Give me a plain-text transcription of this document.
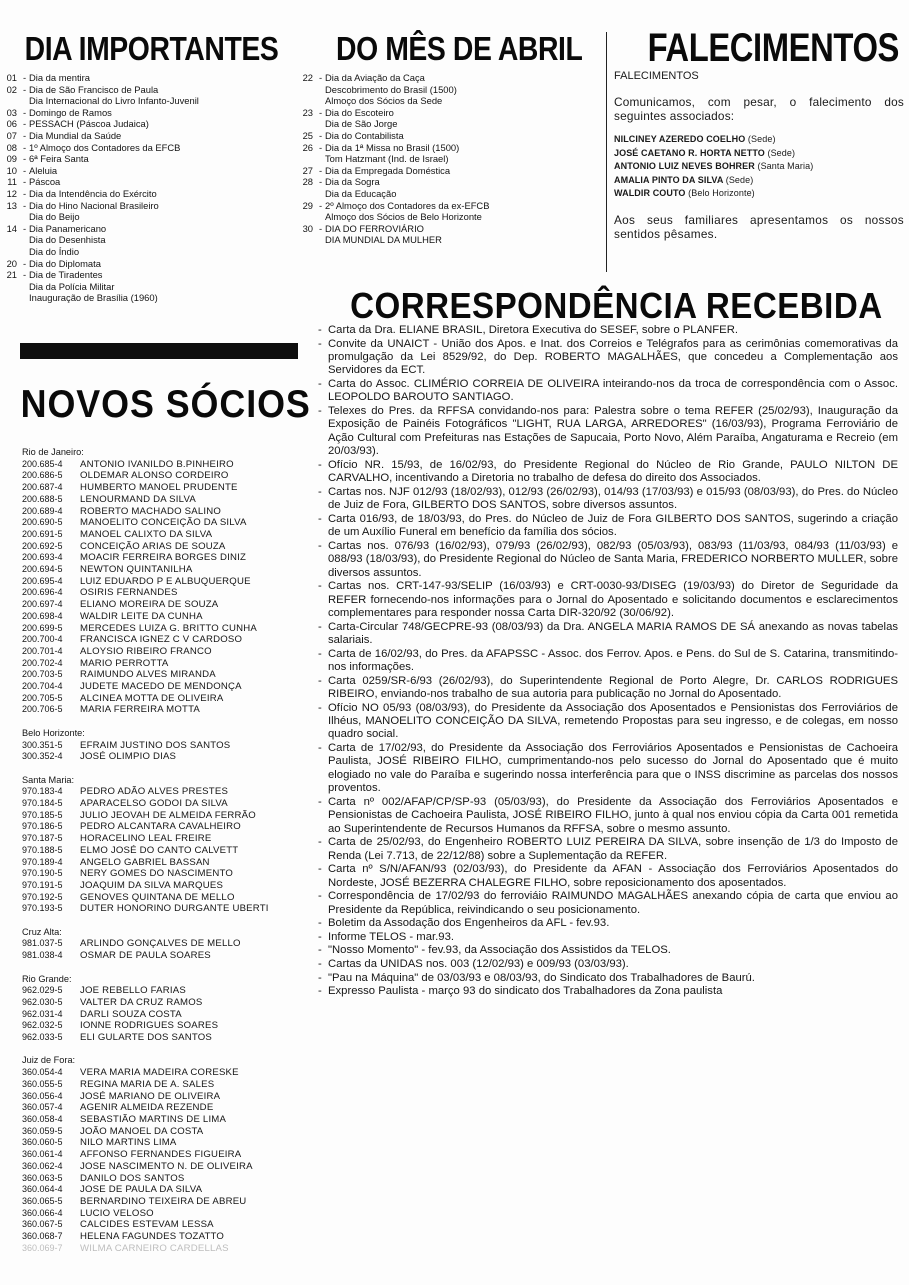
DIA IMPORTANTES DO MÊS DE ABRIL FALECIMENTOS
CORRESPONDÊNCIA RECEBIDA
NOVOS SÓCIOS
01 - Dia da mentira
02 - Dia de São Francisco de Paula
Dia Internacional do Livro Infanto-Juvenil
03 - Domingo de Ramos
06 - PESSACH (Páscoa Judaica)
07 - Dia Mundial da Saúde
08 - 1º Almoço dos Contadores da EFCB
09 - 6ª Feira Santa
10 - Aleluia
11 - Páscoa
12 - Dia da Intendência do Exército
13 - Dia do Hino Nacional Brasileiro
Dia do Beijo
14 - Dia Panamericano
Dia do Desenhista
Dia do Índio
20 - Dia do Diplomata
21 - Dia de Tiradentes
Dia da Polícia Militar
Inauguração de Brasília (1960)
22 - Dia da Aviação da Caça
Descobrimento do Brasil (1500)
Almoço dos Sócios da Sede
23 - Dia do Escoteiro
Dia de São Jorge
25 - Dia do Contabilista
26 - Dia da 1ª Missa no Brasil (1500)
Tom Hatzmant (Ind. de Israel)
27 - Dia da Empregada Doméstica
28 - Dia da Sogra
Dia da Educação
29 - 2º Almoço dos Contadores da ex-EFCB
Almoço dos Sócios de Belo Horizonte
30 - DIA DO FERROVIÁRIO
DIA MUNDIAL DA MULHER
FALECIMENTOS
Comunicamos, com pesar, o falecimento dos seguintes associados:
NILCINEY AZEREDO COELHO (Sede)
JOSÉ CAETANO R. HORTA NETTO (Sede)
ANTONIO LUIZ NEVES BOHRER (Santa Maria)
AMALIA PINTO DA SILVA (Sede)
WALDIR COUTO (Belo Horizonte)
Aos seus familiares apresentamos os nossos sentidos pêsames.
Rio de Janeiro:
200.685-4	ANTONIO IVANILDO B.PINHEIRO
200.686-5	OLDEMAR ALONSO CORDEIRO
200.687-4	HUMBERTO MANOEL PRUDENTE
200.688-5	LENOURMAND DA SILVA
200.689-4	ROBERTO MACHADO SALINO
200.690-5	MANOELITO CONCEIÇÃO DA SILVA
200.691-5	MANOEL CALIXTO DA SILVA
200.692-5	CONCEIÇÃO ARIAS DE SOUZA
200.693-4	MOACIR FERREIRA BORGES DINIZ
200.694-5	NEWTON QUINTANILHA
200.695-4	LUIZ EDUARDO P E ALBUQUERQUE
200.696-4	OSIRIS FERNANDES
200.697-4	ELIANO MOREIRA DE SOUZA
200.698-4	WALDIR LEITE DA CUNHA
200.699-5	MERCEDES LUIZA G. BRITTO CUNHA
200.700-4	FRANCISCA IGNEZ C V CARDOSO
200.701-4	ALOYSIO RIBEIRO FRANCO
200.702-4	MARIO PERROTTA
200.703-5	RAIMUNDO ALVES MIRANDA
200.704-4	JUDETE MACEDO DE MENDONÇA
200.705-5	ALCINEA MOTTA DE OLIVEIRA
200.706-5	MARIA FERREIRA MOTTA
Belo Horizonte:
300.351-5	EFRAIM JUSTINO DOS SANTOS
300.352-4	JOSÉ OLIMPIO DIAS
Santa Maria:
970.183-4	PEDRO ADÃO ALVES PRESTES
970.184-5	APARACELSO GODOI DA SILVA
970.185-5	JULIO JEOVAH DE ALMEIDA FERRÃO
970.186-5	PEDRO ALCANTARA CAVALHEIRO
970.187-5	HORACELINO LEAL FREIRE
970.188-5	ELMO JOSÉ DO CANTO CALVETT
970.189-4	ANGELO GABRIEL BASSAN
970.190-5	NERY GOMES DO NASCIMENTO
970.191-5	JOAQUIM DA SILVA MARQUES
970.192-5	GENOVES QUINTANA DE MELLO
970.193-5	DUTER HONORINO DURGANTE UBERTI
Cruz Alta:
981.037-5	ARLINDO GONÇALVES DE MELLO
981.038-4	OSMAR DE PAULA SOARES
Rio Grande:
962.029-5	JOE REBELLO FARIAS
962.030-5	VALTER DA CRUZ RAMOS
962.031-4	DARLI SOUZA COSTA
962.032-5	IONNE RODRIGUES SOARES
962.033-5	ELI GULARTE DOS SANTOS
Juiz de Fora:
360.054-4	VERA MARIA MADEIRA CORESKE
360.055-5	REGINA MARIA DE A. SALES
360.056-4	JOSÉ MARIANO DE OLIVEIRA
360.057-4	AGENIR ALMEIDA REZENDE
360.058-4	SEBASTIÃO MARTINS DE LIMA
360.059-5	JOÃO MANOEL DA COSTA
360.060-5	NILO MARTINS LIMA
360.061-4	AFFONSO FERNANDES FIGUEIRA
360.062-4	JOSE NASCIMENTO N. DE OLIVEIRA
360.063-5	DANILO DOS SANTOS
360.064-4	JOSE DE PAULA DA SILVA
360.065-5	BERNARDINO TEIXEIRA DE ABREU
360.066-4	LUCIO VELOSO
360.067-5	CALCIDES ESTEVAM LESSA
360.068-7	HELENA FAGUNDES TOZATTO
360.069-7	WILMA CARNEIRO CARDELLAS
- Carta da Dra. ELIANE BRASIL, Diretora Executiva do SESEF, sobre o PLANFER.
- Convite da UNAICT - União dos Apos. e Inat. dos Correios e Telégrafos para as cerimônias comemorativas da promulgação da Lei 8529/92, do Dep. ROBERTO MAGALHÃES, que concedeu a Complementação aos Servidores da ECT.
- Carta do Assoc. CLIMÉRIO CORREIA DE OLIVEIRA inteirando-nos da troca de correspondência com o Assoc. LEOPOLDO BAROUTO SANTIAGO.
- Telexes do Pres. da RFFSA convidando-nos para: Palestra sobre o tema REFER (25/02/93), Inauguração da Exposição de Painéis Fotográficos "LIGHT, RUA LARGA, ARREDORES" (16/03/93), Programa Ferroviário de Ação Cultural com Prefeituras nas Estações de Sapucaia, Porto Novo, Além Paraíba, Angaturama e Recreio (em 20/03/93).
- Ofício NR. 15/93, de 16/02/93, do Presidente Regional do Núcleo de Rio Grande, PAULO NILTON DE CARVALHO, incentivando a Diretoria no trabalho de defesa do direito dos Associados.
- Cartas nos. NJF 012/93 (18/02/93), 012/93 (26/02/93), 014/93 (17/03/93) e 015/93 (08/03/93), do Pres. do Núcleo de Juiz de Fora, GILBERTO DOS SANTOS, sobre diversos assuntos.
- Carta 016/93, de 18/03/93, do Pres. do Núcleo de Juiz de Fora GILBERTO DOS SANTOS, sugerindo a criação de um Auxílio Funeral em benefício da família dos sócios.
- Cartas nos. 076/93 (16/02/93), 079/93 (26/02/93), 082/93 (05/03/93), 083/93 (11/03/93, 084/93 (11/03/93) e 088/93 (18/03/93), do Presidente Regional do Núcleo de Santa Maria, FREDERICO NORBERTO MULLER, sobre diversos assuntos.
- Cartas nos. CRT-147-93/SELIP (16/03/93) e CRT-0030-93/DISEG (19/03/93) do Diretor de Seguridade da REFER fornecendo-nos informações para o Jornal do Aposentado e solicitando documentos e esclarecimentos complementares para responder nossa Carta DIR-320/92 (30/06/92).
- Carta-Circular 748/GECPRE-93 (08/03/93) da Dra. ANGELA MARIA RAMOS DE SÁ anexando as novas tabelas salariais.
- Carta de 16/02/93, do Pres. da AFAPSSC - Assoc. dos Ferrov. Apos. e Pens. do Sul de S. Catarina, transmitindo-nos informações.
- Carta 0259/SR-6/93 (26/02/93), do Superintendente Regional de Porto Alegre, Dr. CARLOS RODRIGUES RIBEIRO, enviando-nos trabalho de sua autoria para publicação no Jornal do Aposentado.
- Ofício NO 05/93 (08/03/93), do Presidente da Associação dos Aposentados e Pensionistas dos Ferroviários de Ilhéus, MANOELITO CONCEIÇÃO DA SILVA, remetendo Propostas para seu ingresso, e de colegas, em nosso quadro social.
- Carta de 17/02/93, do Presidente da Associação dos Ferroviários Aposentados e Pensionistas de Cachoeira Paulista, JOSÉ RIBEIRO FILHO, cumprimentando-nos pelo sucesso do Jornal do Aposentado que é muito elogiado no vale do Paraíba e sugerindo nossa interferência para que o INSS discrimine as parcelas dos nossos proventos.
- Carta nº 002/AFAP/CP/SP-93 (05/03/93), do Presidente da Associação dos Ferroviários Aposentados e Pensionistas de Cachoeira Paulista, JOSÉ RIBEIRO FILHO, junto à qual nos enviou cópia da Carta 001 remetida ao Superintendente de Recursos Humanos da RFFSA, sobre o mesmo assunto.
- Carta de 25/02/93, do Engenheiro ROBERTO LUIZ PEREIRA DA SILVA, sobre insenção de 1/3 do Imposto de Renda (Lei 7.713, de 22/12/88) sobre a Suplementação da REFER.
- Carta nº S/N/AFAN/93 (02/03/93), do Presidente da AFAN - Associação dos Ferroviários Aposentados do Nordeste, JOSÉ BEZERRA CHALEGRE FILHO, sobre reposicionamento dos aposentados.
- Correspondência de 17/02/93 do ferroviáio RAIMUNDO MAGALHÃES anexando cópia de carta que enviou ao Presidente da República, reivindicando o seu posicionamento.
- Boletim da Assodação dos Engenheiros da AFL - fev.93.
- Informe TELOS - mar.93.
- "Nosso Momento" - fev.93, da Associação dos Assistidos da TELOS.
- Cartas da UNIDAS nos. 003 (12/02/93) e 009/93 (03/03/93).
- "Pau na Máquina" de 03/03/93 e 08/03/93, do Sindicato dos Trabalhadores de Baurú.
- Expresso Paulista - março 93 do sindicato dos Trabalhadores da Zona paulista
